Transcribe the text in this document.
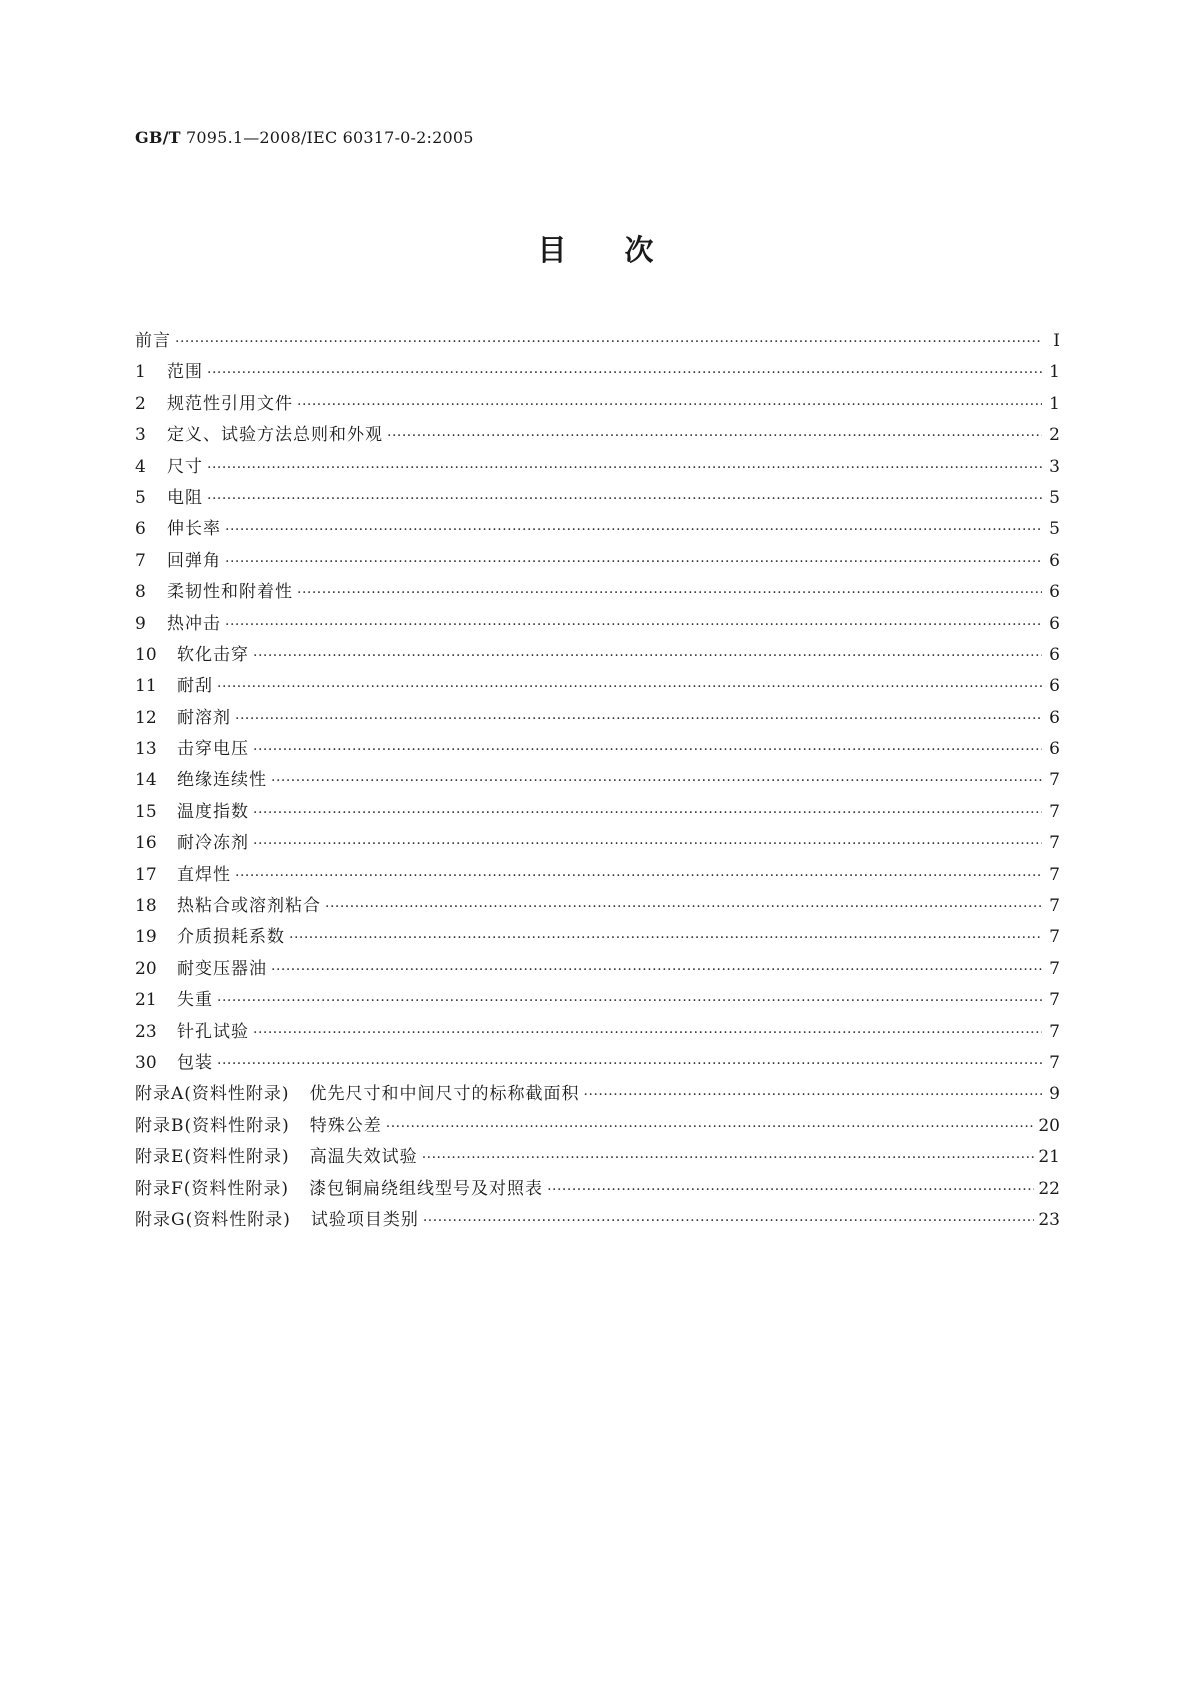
GB/T 7095.1—2008/IEC 60317-0-2:2005
目次
前言 ·····	Ⅰ
1	范围 ·····	1
2	规范性引用文件 ·····	1
3	定义、试验方法总则和外观 ·····	2
4	尺寸 ·····	3
5	电阻 ·····	5
6	伸长率 ·····	5
7	回弹角 ·····	6
8	柔韧性和附着性 ·····	6
9	热冲击 ·····	6
10	软化击穿 ·····	6
11	耐刮 ·····	6
12	耐溶剂 ·····	6
13	击穿电压 ·····	6
14	绝缘连续性 ·····	7
15	温度指数 ·····	7
16	耐冷冻剂 ·····	7
17	直焊性 ·····	7
18	热粘合或溶剂粘合 ·····	7
19	介质损耗系数 ·····	7
20	耐变压器油 ·····	7
21	失重 ·····	7
23	针孔试验 ·····	7
30	包装 ·····	7
附录A(资料性附录) 优先尺寸和中间尺寸的标称截面积 ·····	9
附录B(资料性附录) 特殊公差 ·····	20
附录E(资料性附录) 高温失效试验 ·····	21
附录F(资料性附录) 漆包铜扁绕组线型号及对照表 ·····	22
附录G(资料性附录) 试验项目类别 ·····	23
